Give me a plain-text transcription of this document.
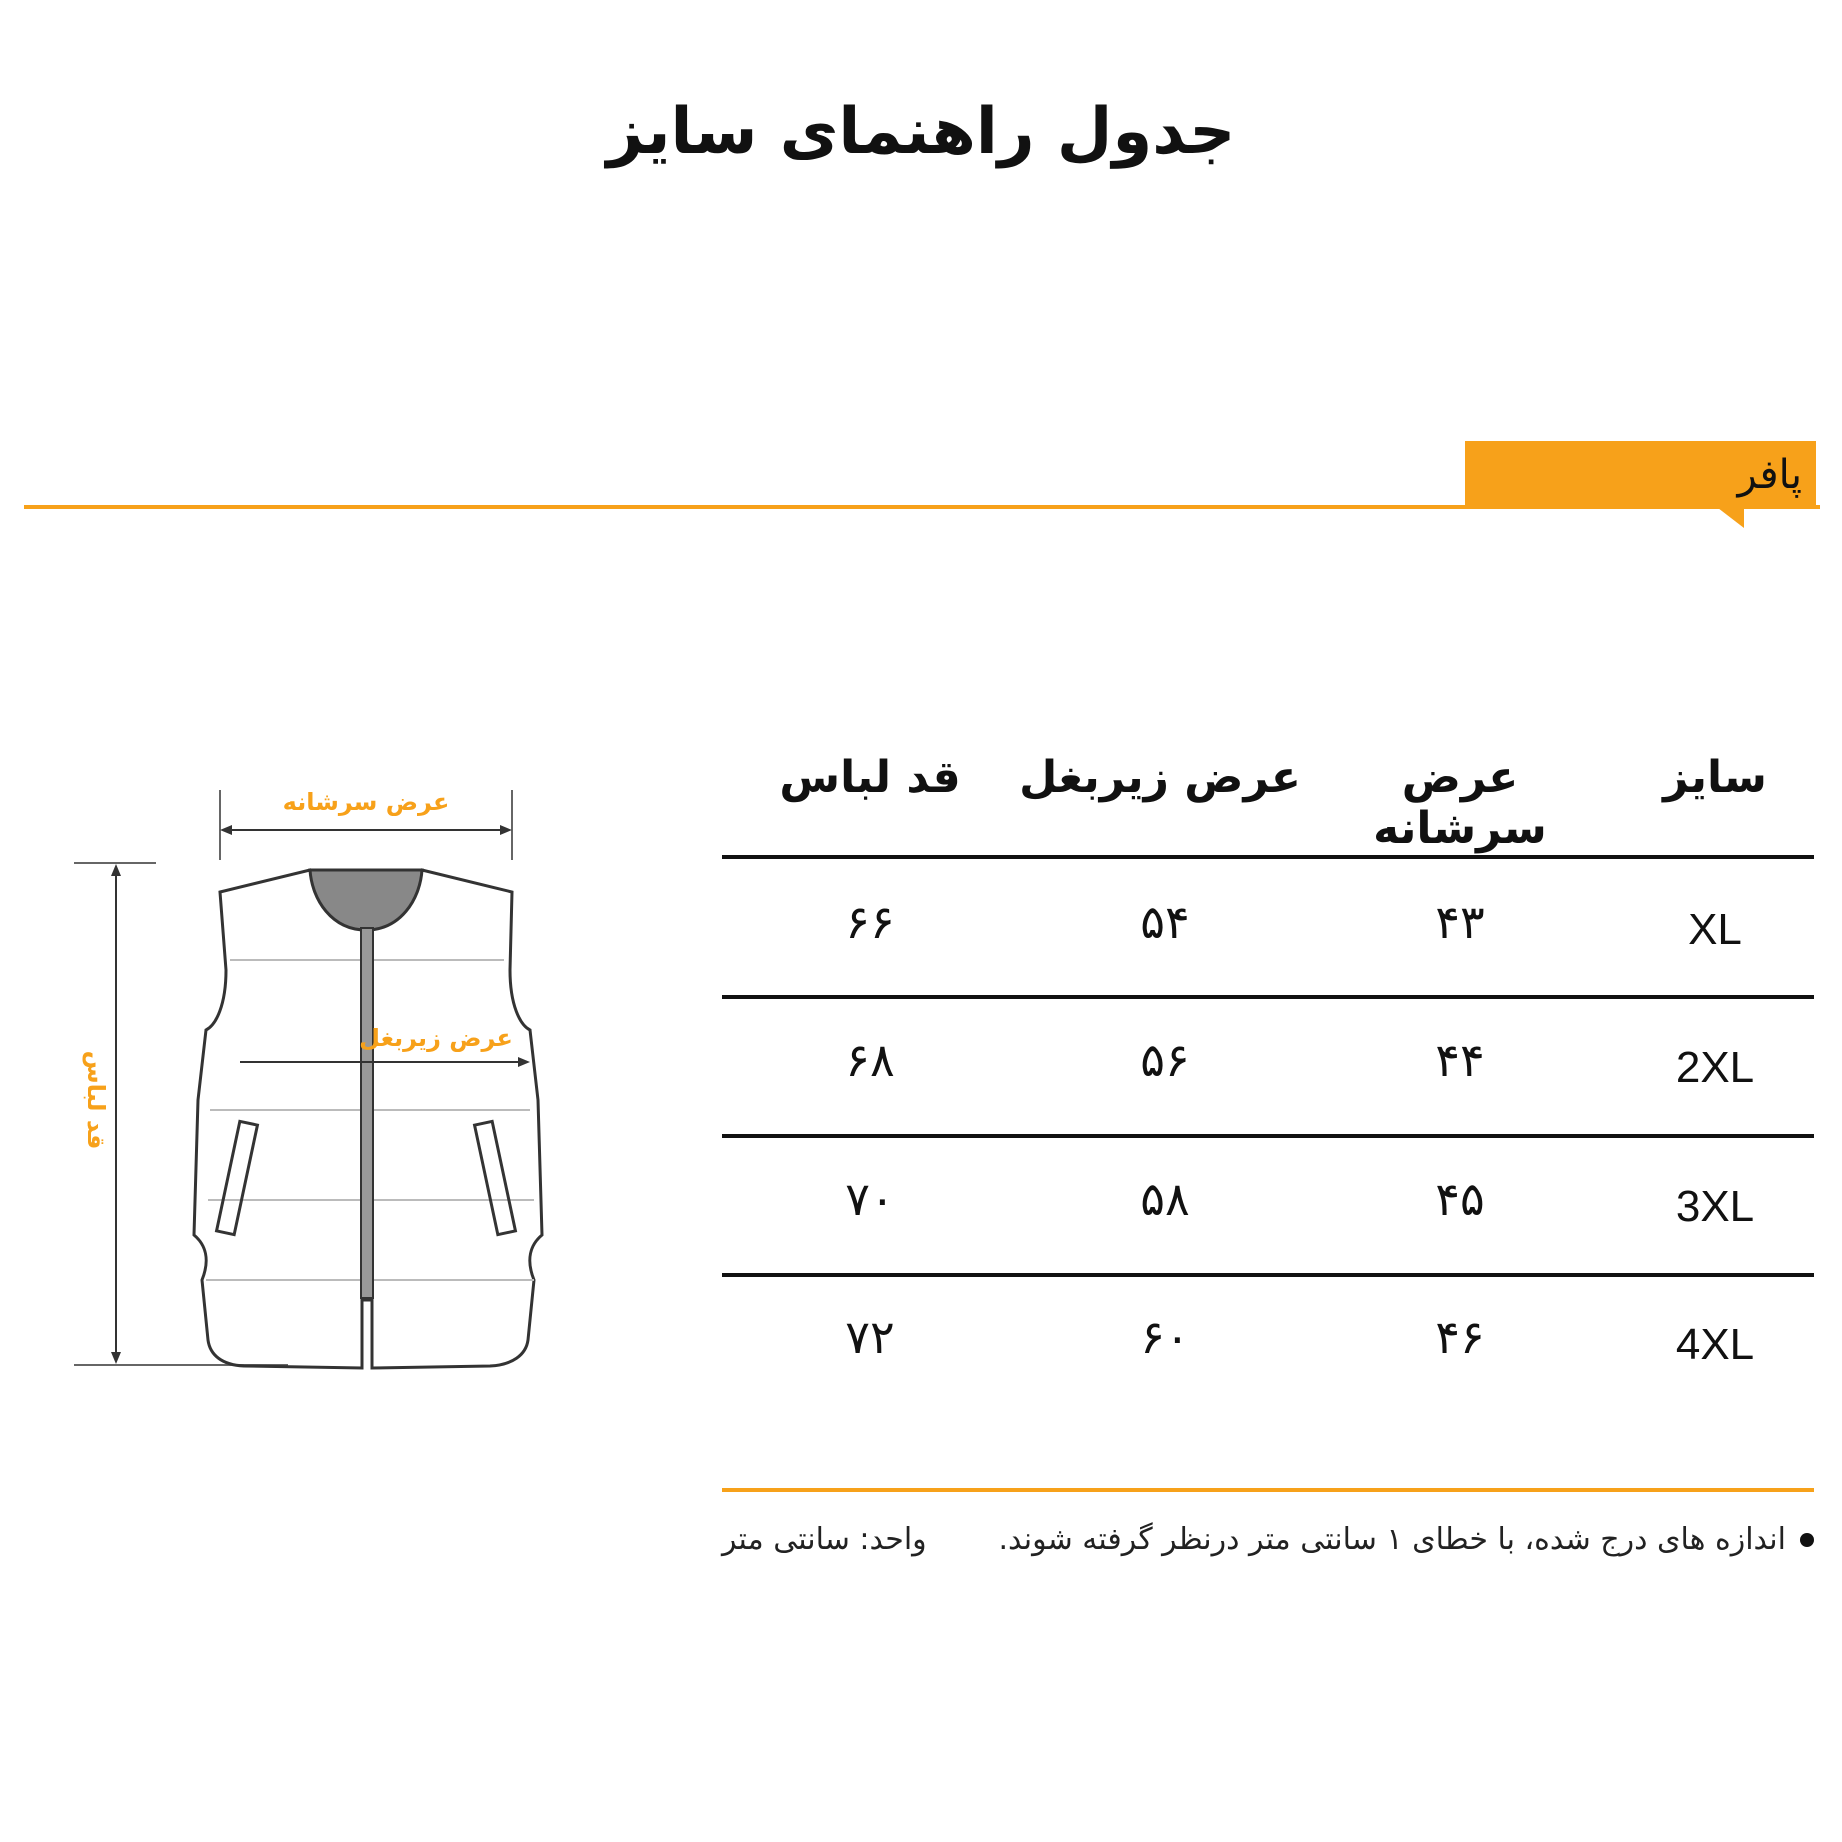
جدول راهنمای سایز
پافر
سایز
عرض سرشانه
عرض زیربغل
قد لباس
XL
۴۳
۵۴
۶۶
2XL
۴۴
۵۶
۶۸
3XL
۴۵
۵۸
۷۰
4XL
۴۶
۶۰
۷۲
اندازه های درج شده، با خطای ۱ سانتی متر درنظر گرفته شوند.
واحد: سانتی متر
عرض سرشانه
قد لباس
عرض زیربغل
